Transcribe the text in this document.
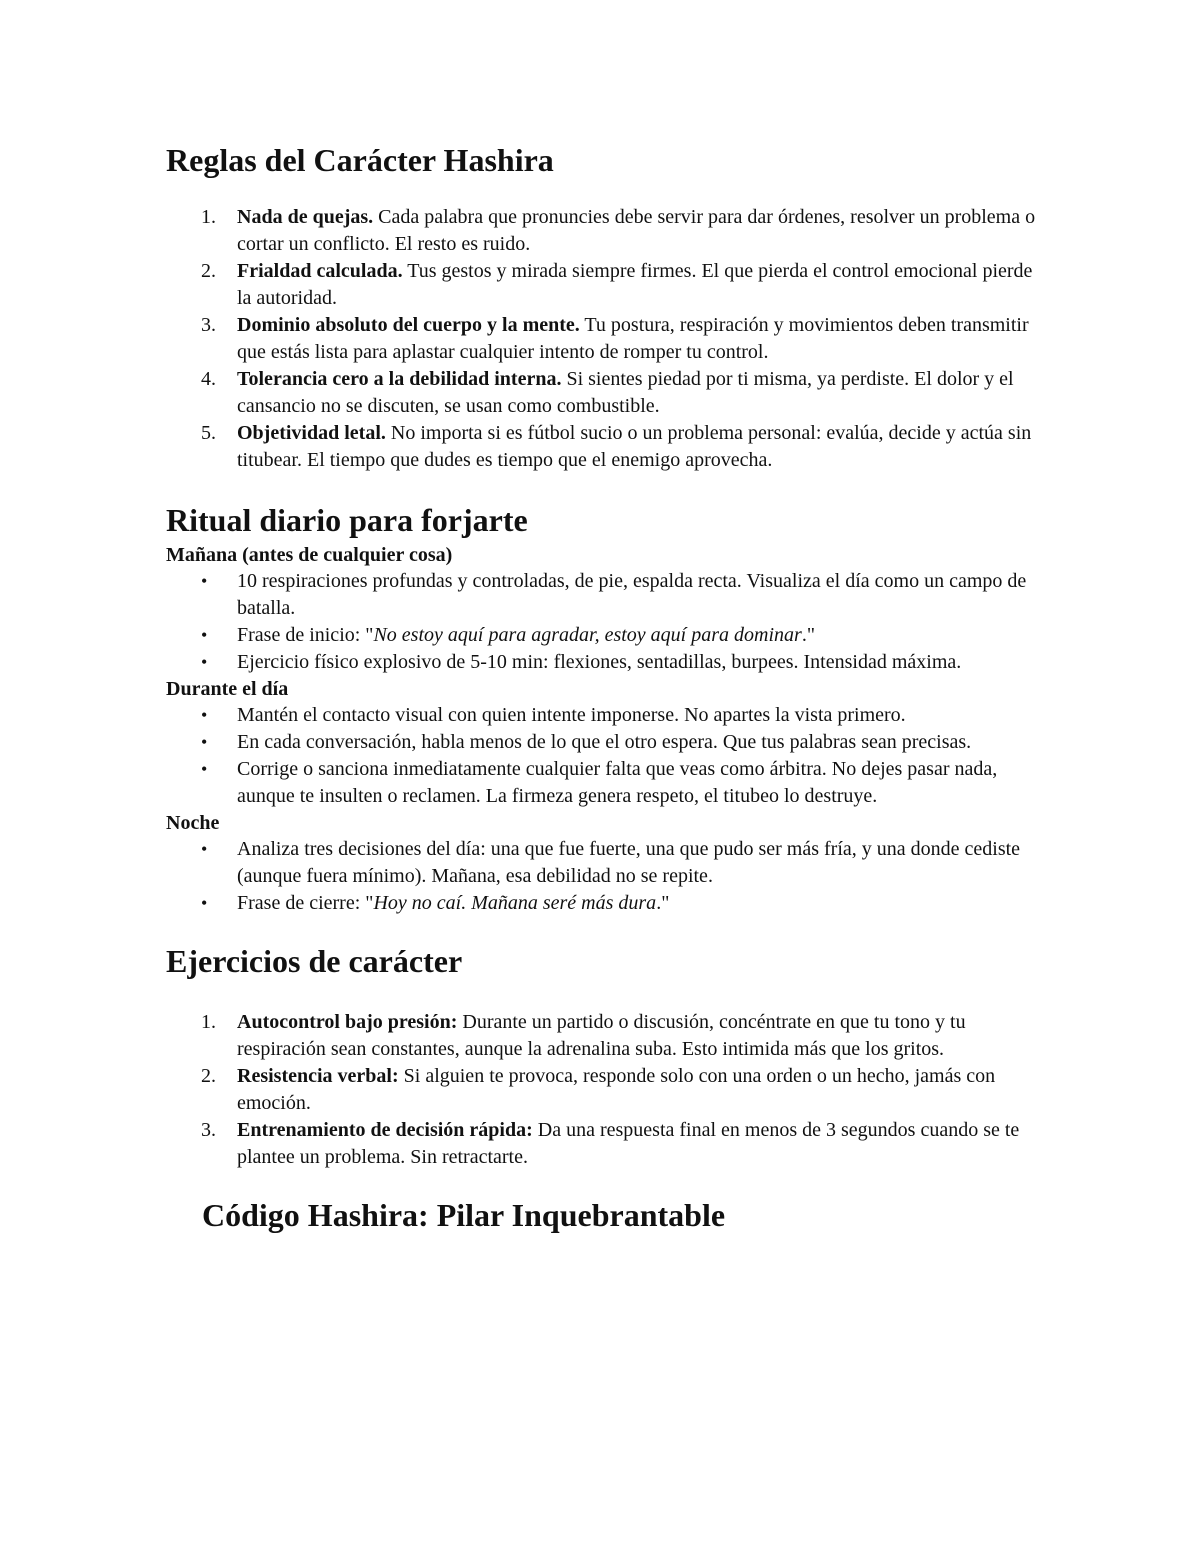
Reglas del Carácter Hashira
1. Nada de quejas. Cada palabra que pronuncies debe servir para dar órdenes, resolver un problema o cortar un conflicto. El resto es ruido.
2. Frialdad calculada. Tus gestos y mirada siempre firmes. El que pierda el control emocional pierde la autoridad.
3. Dominio absoluto del cuerpo y la mente. Tu postura, respiración y movimientos deben transmitir que estás lista para aplastar cualquier intento de romper tu control.
4. Tolerancia cero a la debilidad interna. Si sientes piedad por ti misma, ya perdiste. El dolor y el cansancio no se discuten, se usan como combustible.
5. Objetividad letal. No importa si es fútbol sucio o un problema personal: evalúa, decide y actúa sin titubear. El tiempo que dudes es tiempo que el enemigo aprovecha.
Ritual diario para forjarte

Mañana (antes de cualquier cosa)

• 10 respiraciones profundas y controladas, de pie, espalda recta. Visualiza el día como un campo de batalla.
• Frase de inicio: "No estoy aquí para agradar, estoy aquí para dominar."
• Ejercicio físico explosivo de 5-10 min: flexiones, sentadillas, burpees. Intensidad máxima.

Durante el día

• Mantén el contacto visual con quien intente imponerse. No apartes la vista primero.
• En cada conversación, habla menos de lo que el otro espera. Que tus palabras sean precisas.
• Corrige o sanciona inmediatamente cualquier falta que veas como árbitra. No dejes pasar nada, aunque te insulten o reclamen. La firmeza genera respeto, el titubeo lo destruye.

Noche

• Analiza tres decisiones del día: una que fue fuerte, una que pudo ser más fría, y una donde cediste (aunque fuera mínimo). Mañana, esa debilidad no se repite.
• Frase de cierre: "Hoy no caí. Mañana seré más dura."
Ejercicios de carácter
1. Autocontrol bajo presión: Durante un partido o discusión, concéntrate en que tu tono y tu respiración sean constantes, aunque la adrenalina suba. Esto intimida más que los gritos.
2. Resistencia verbal: Si alguien te provoca, responde solo con una orden o un hecho, jamás con emoción.
3. Entrenamiento de decisión rápida: Da una respuesta final en menos de 3 segundos cuando se te plantee un problema. Sin retractarte.
Código Hashira: Pilar Inquebrantable
